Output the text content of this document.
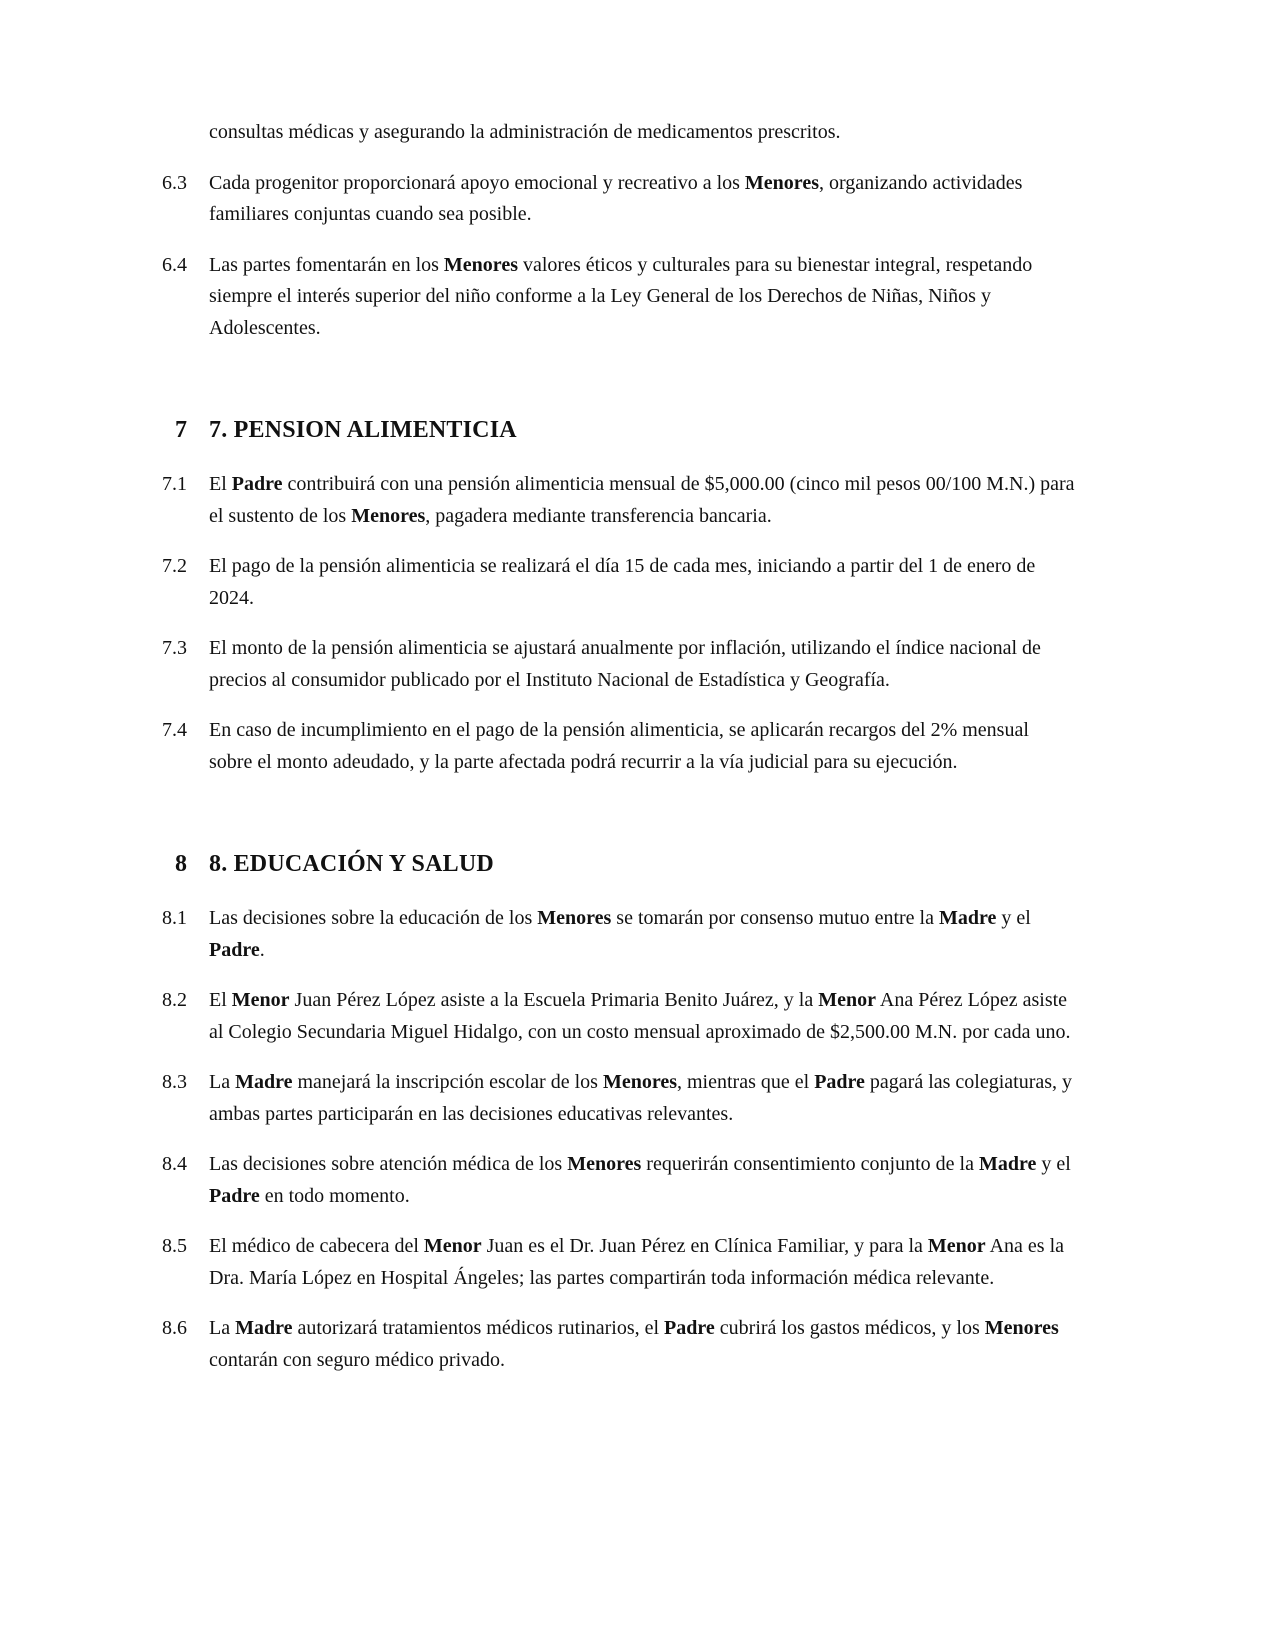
consultas médicas y asegurando la administración de medicamentos prescritos.

6.3	Cada progenitor proporcionará apoyo emocional y recreativo a los Menores, organizando actividades familiares conjuntas cuando sea posible.

6.4	Las partes fomentarán en los Menores valores éticos y culturales para su bienestar integral, respetando siempre el interés superior del niño conforme a la Ley General de los Derechos de Niñas, Niños y Adolescentes.

7 7. PENSION ALIMENTICIA
7.1	El Padre contribuirá con una pensión alimenticia mensual de $5,000.00 (cinco mil pesos 00/100 M.N.) para el sustento de los Menores, pagadera mediante transferencia bancaria.

7.2	El pago de la pensión alimenticia se realizará el día 15 de cada mes, iniciando a partir del 1 de enero de 2024.

7.3	El monto de la pensión alimenticia se ajustará anualmente por inflación, utilizando el índice nacional de precios al consumidor publicado por el Instituto Nacional de Estadística y Geografía.

7.4	En caso de incumplimiento en el pago de la pensión alimenticia, se aplicarán recargos del 2% mensual sobre el monto adeudado, y la parte afectada podrá recurrir a la vía judicial para su ejecución.

8 8. EDUCACIÓN Y SALUD
8.1	Las decisiones sobre la educación de los Menores se tomarán por consenso mutuo entre la Madre y el Padre.

8.2	El Menor Juan Pérez López asiste a la Escuela Primaria Benito Juárez, y la Menor Ana Pérez López asiste al Colegio Secundaria Miguel Hidalgo, con un costo mensual aproximado de $2,500.00 M.N. por cada uno.

8.3	La Madre manejará la inscripción escolar de los Menores, mientras que el Padre pagará las colegiaturas, y ambas partes participarán en las decisiones educativas relevantes.

8.4	Las decisiones sobre atención médica de los Menores requerirán consentimiento conjunto de la Madre y el Padre en todo momento.

8.5	El médico de cabecera del Menor Juan es el Dr. Juan Pérez en Clínica Familiar, y para la Menor Ana es la Dra. María López en Hospital Ángeles; las partes compartirán toda información médica relevante.

8.6	La Madre autorizará tratamientos médicos rutinarios, el Padre cubrirá los gastos médicos, y los Menores contarán con seguro médico privado.
